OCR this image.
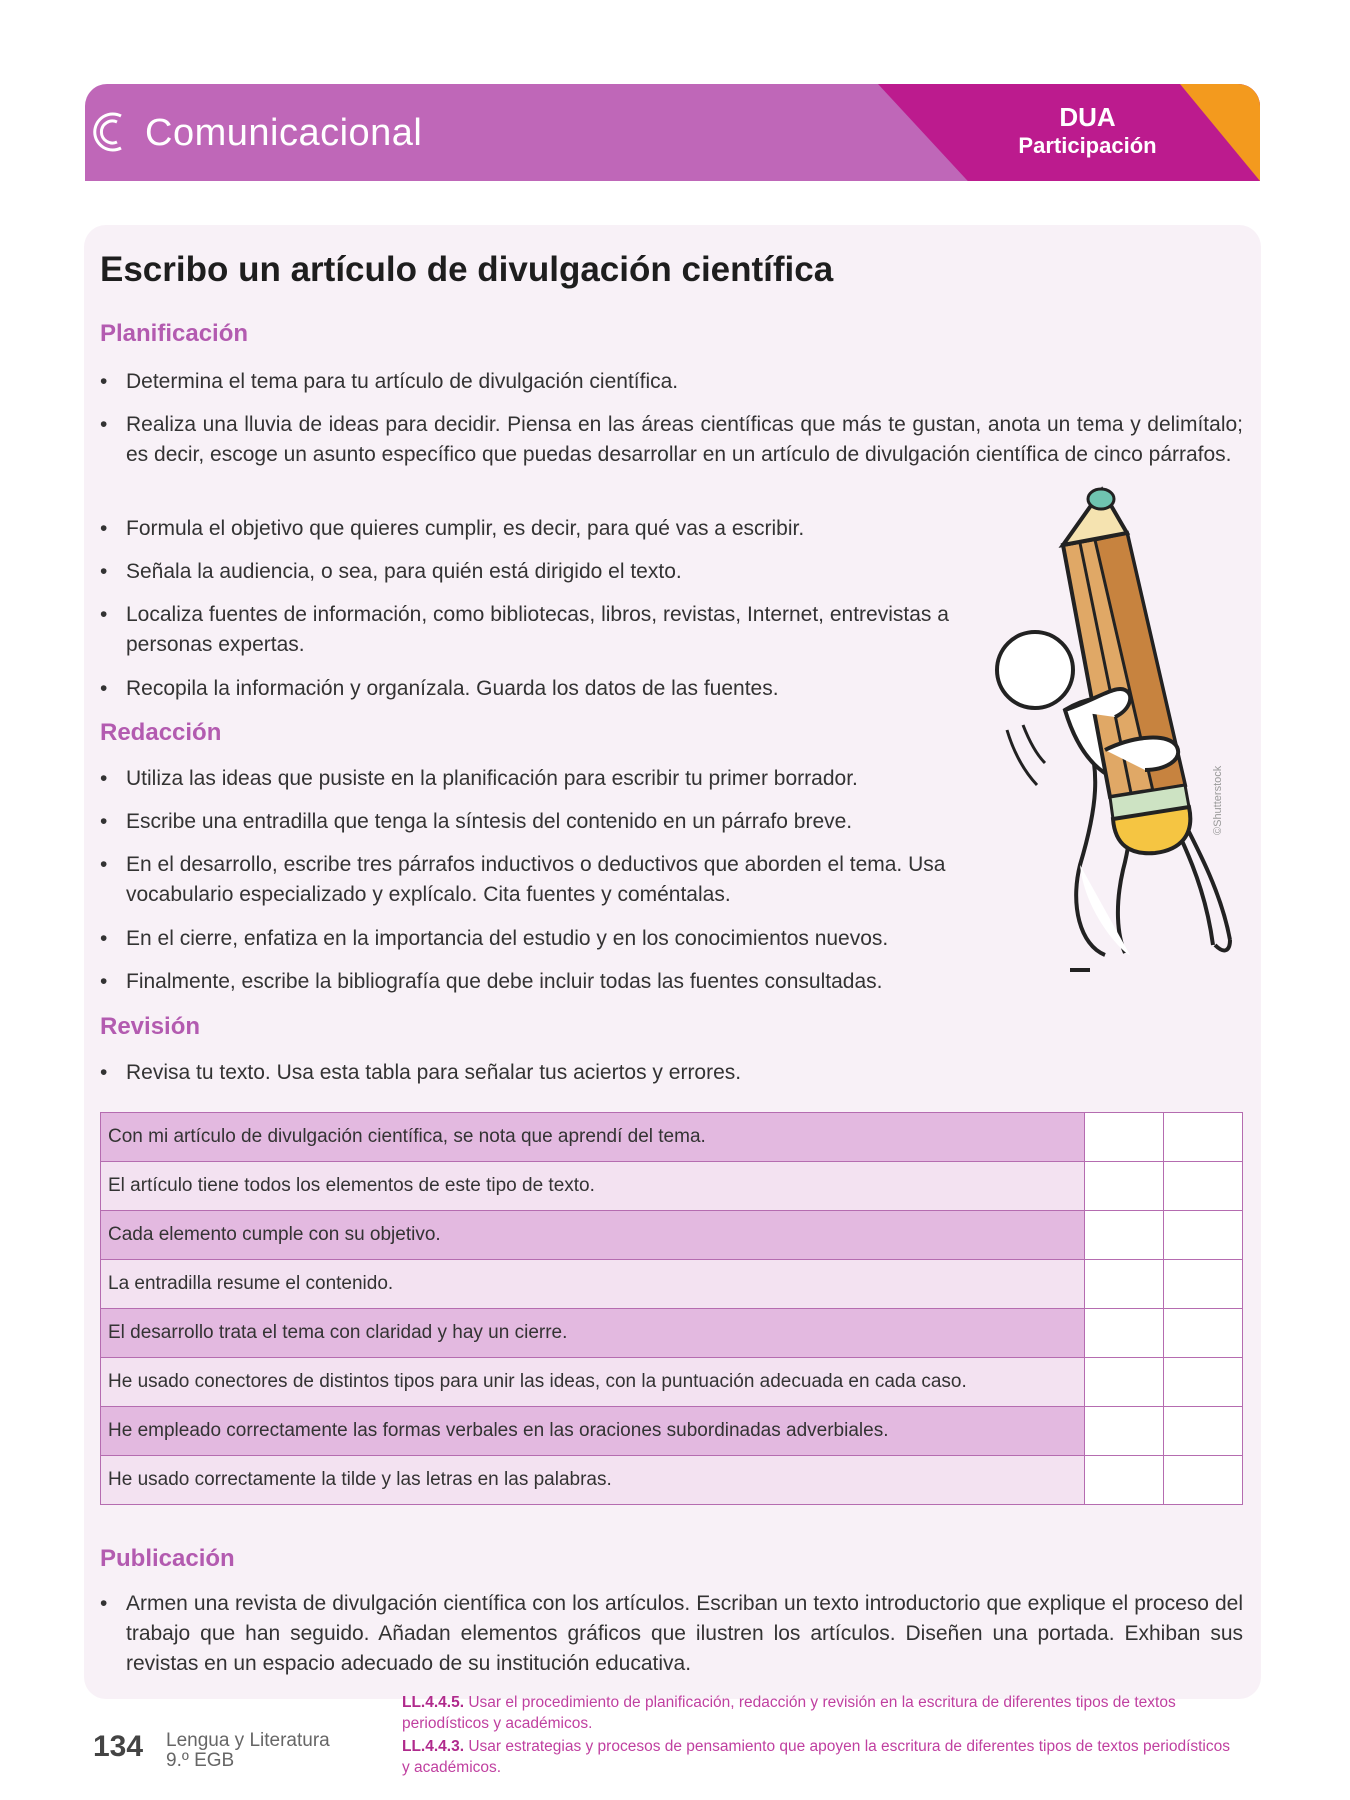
Comunicacional	DUA
Participación
Escribo un artículo de divulgación científica
Planificación
• Determina el tema para tu artículo de divulgación científica.
• Realiza una lluvia de ideas para decidir. Piensa en las áreas científicas que más te gustan, anota un tema y delimítalo; es decir, escoge un asunto específico que puedas desarrollar en un artículo de divulgación científica de cinco párrafos.
• Formula el objetivo que quieres cumplir, es decir, para qué vas a escribir.
• Señala la audiencia, o sea, para quién está dirigido el texto.
• Localiza fuentes de información, como bibliotecas, libros, revistas, Internet, entrevistas a personas expertas.
• Recopila la información y organízala. Guarda los datos de las fuentes.
Redacción
• Utiliza las ideas que pusiste en la planificación para escribir tu primer borrador.
• Escribe una entradilla que tenga la síntesis del contenido en un párrafo breve.
• En el desarrollo, escribe tres párrafos inductivos o deductivos que aborden el tema. Usa vocabulario especializado y explícalo. Cita fuentes y coméntalas.
• En el cierre, enfatiza en la importancia del estudio y en los conocimientos nuevos.
• Finalmente, escribe la bibliografía que debe incluir todas las fuentes consultadas.
Revisión
• Revisa tu texto. Usa esta tabla para señalar tus aciertos y errores.
Con mi artículo de divulgación científica, se nota que aprendí del tema.		
El artículo tiene todos los elementos de este tipo de texto.		
Cada elemento cumple con su objetivo.		
La entradilla resume el contenido.		
El desarrollo trata el tema con claridad y hay un cierre.		
He usado conectores de distintos tipos para unir las ideas, con la puntuación adecuada en cada caso.		
He empleado correctamente las formas verbales en las oraciones subordinadas adverbiales.		
He usado correctamente la tilde y las letras en las palabras.		
Publicación
• Armen una revista de divulgación científica con los artículos. Escriban un texto introductorio que explique el proceso del trabajo que han seguido. Añadan elementos gráficos que ilustren los artículos. Diseñen una portada. Exhiban sus revistas en un espacio adecuado de su institución educativa.
©Shutterstock
134 Lengua y Literatura
9.º EGB
LL.4.4.5. Usar el procedimiento de planificación, redacción y revisión en la escritura de diferentes tipos de textos periodísticos y académicos.
LL.4.4.3. Usar estrategias y procesos de pensamiento que apoyen la escritura de diferentes tipos de textos periodísticos y académicos.
